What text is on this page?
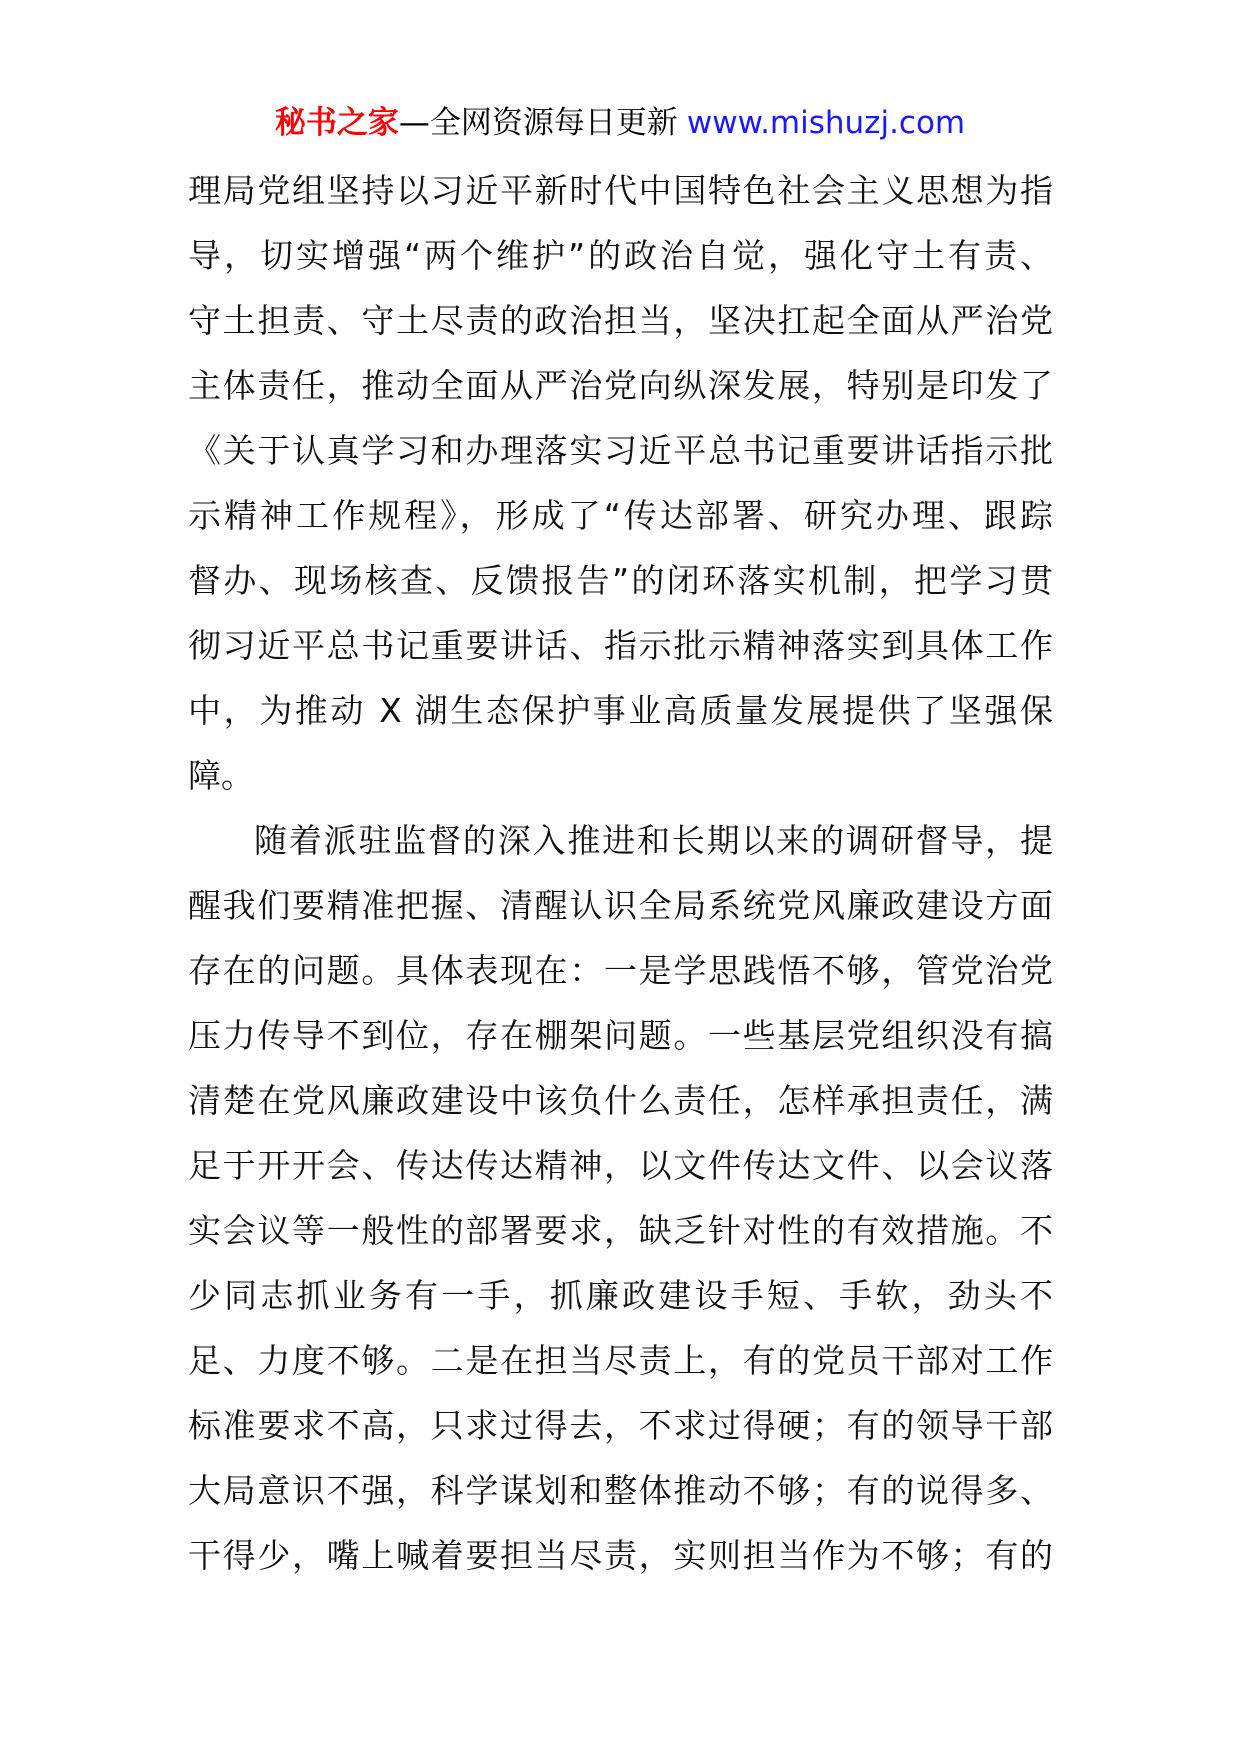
秘书之家—全网资源每日更新 www.mishuzj.com
理局党组坚持以习近平新时代中国特色社会主义思想为指
导，切实增强“两个维护”的政治自觉，强化守土有责、
守土担责、守土尽责的政治担当，坚决扛起全面从严治党
主体责任，推动全面从严治党向纵深发展，特别是印发了
《关于认真学习和办理落实习近平总书记重要讲话指示批
示精神工作规程》，形成了“传达部署、研究办理、跟踪
督办、现场核查、反馈报告”的闭环落实机制，把学习贯
彻习近平总书记重要讲话、指示批示精神落实到具体工作
中，为推动 X 湖生态保护事业高质量发展提供了坚强保
障。
随着派驻监督的深入推进和长期以来的调研督导，提
醒我们要精准把握、清醒认识全局系统党风廉政建设方面
存在的问题。具体表现在：一是学思践悟不够，管党治党
压力传导不到位，存在棚架问题。一些基层党组织没有搞
清楚在党风廉政建设中该负什么责任，怎样承担责任，满
足于开开会、传达传达精神，以文件传达文件、以会议落
实会议等一般性的部署要求，缺乏针对性的有效措施。不
少同志抓业务有一手，抓廉政建设手短、手软，劲头不
足、力度不够。二是在担当尽责上，有的党员干部对工作
标准要求不高，只求过得去，不求过得硬；有的领导干部
大局意识不强，科学谋划和整体推动不够；有的说得多、
干得少，嘴上喊着要担当尽责，实则担当作为不够；有的
